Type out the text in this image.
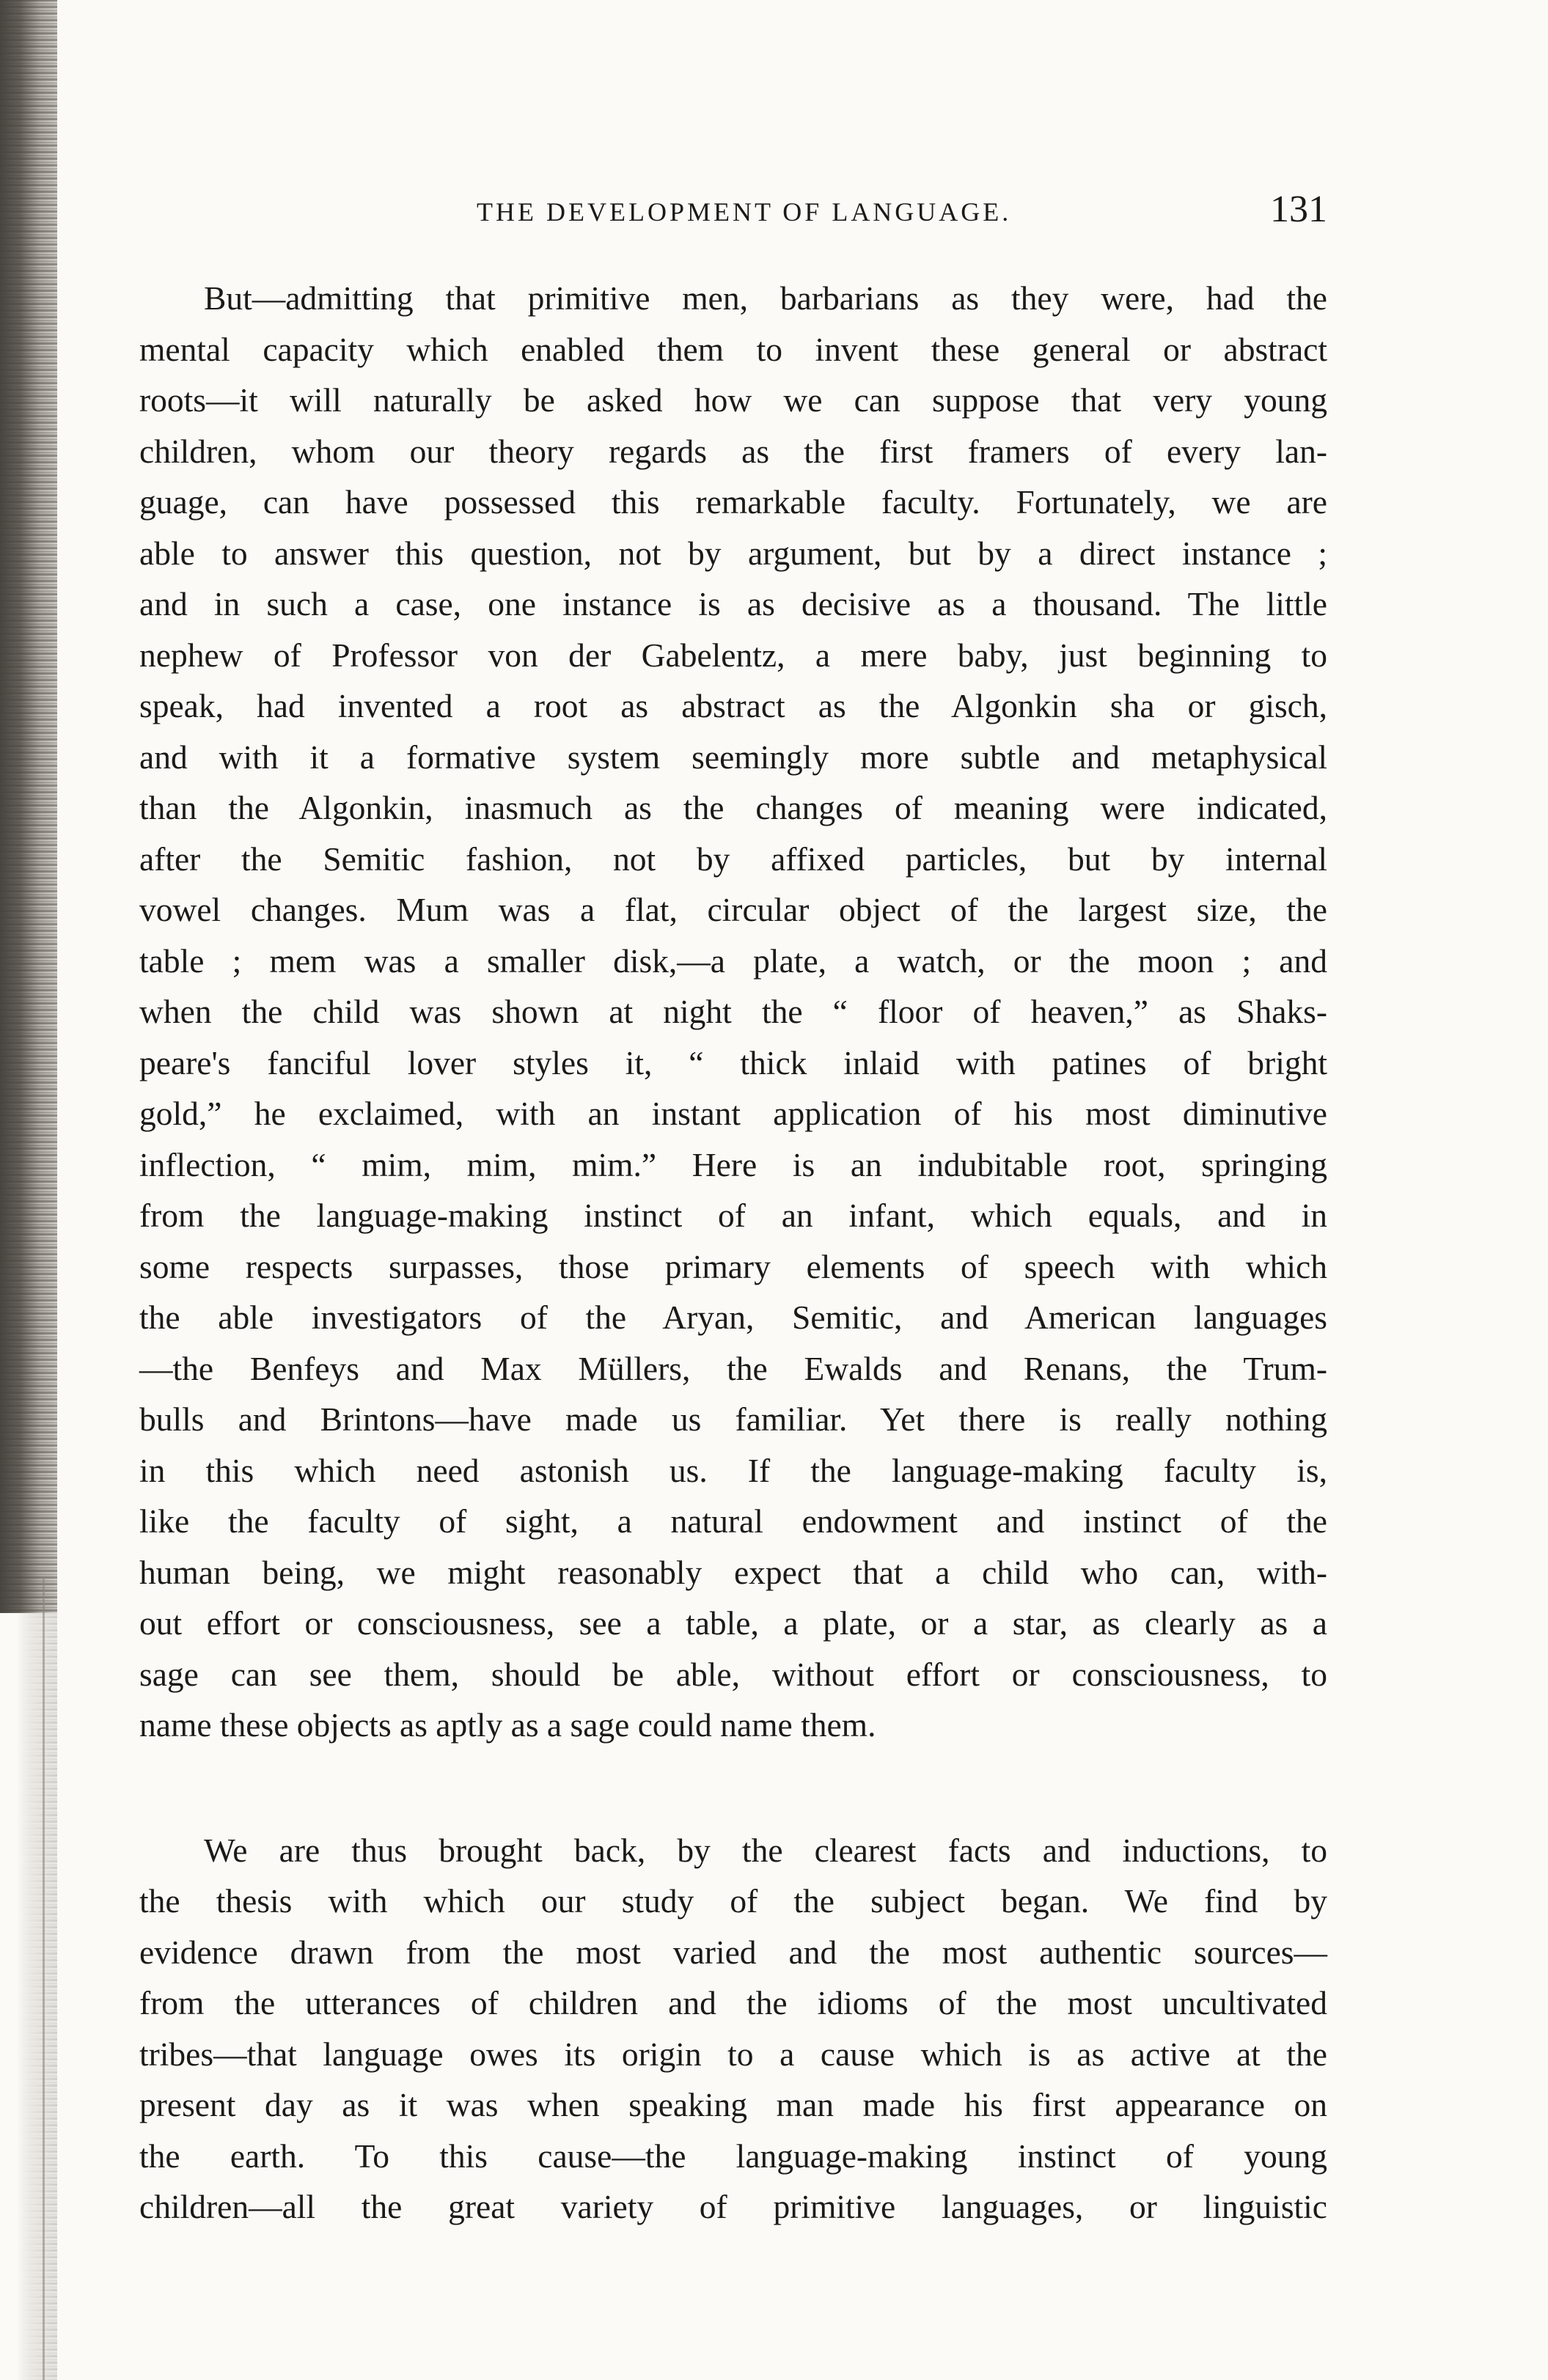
THE DEVELOPMENT OF LANGUAGE.	131
But—admitting that primitive men, barbarians as they were, had the
mental capacity which enabled them to invent these general or abstract
roots—it will naturally be asked how we can suppose that very young
children, whom our theory regards as the first framers of every lan-
guage, can have possessed this remarkable faculty. Fortunately, we are
able to answer this question, not by argument, but by a direct instance ;
and in such a case, one instance is as decisive as a thousand. The little
nephew of Professor von der Gabelentz, a mere baby, just beginning to
speak, had invented a root as abstract as the Algonkin sha or gisch,
and with it a formative system seemingly more subtle and metaphysical
than the Algonkin, inasmuch as the changes of meaning were indicated,
after the Semitic fashion, not by affixed particles, but by internal
vowel changes. Mum was a flat, circular object of the largest size, the
table ; mem was a smaller disk,—a plate, a watch, or the moon ; and
when the child was shown at night the “ floor of heaven,” as Shaks-
peare's fanciful lover styles it, “ thick inlaid with patines of bright
gold,” he exclaimed, with an instant application of his most diminutive
inflection, “ mim, mim, mim.” Here is an indubitable root, springing
from the language-making instinct of an infant, which equals, and in
some respects surpasses, those primary elements of speech with which
the able investigators of the Aryan, Semitic, and American languages
—the Benfeys and Max Müllers, the Ewalds and Renans, the Trum-
bulls and Brintons—have made us familiar. Yet there is really nothing
in this which need astonish us. If the language-making faculty is,
like the faculty of sight, a natural endowment and instinct of the
human being, we might reasonably expect that a child who can, with-
out effort or consciousness, see a table, a plate, or a star, as clearly as a
sage can see them, should be able, without effort or consciousness, to
name these objects as aptly as a sage could name them.
We are thus brought back, by the clearest facts and inductions, to
the thesis with which our study of the subject began. We find by
evidence drawn from the most varied and the most authentic sources—
from the utterances of children and the idioms of the most uncultivated
tribes—that language owes its origin to a cause which is as active at the
present day as it was when speaking man made his first appearance on
the earth. To this cause—the language-making instinct of young
children—all the great variety of primitive languages, or linguistic
